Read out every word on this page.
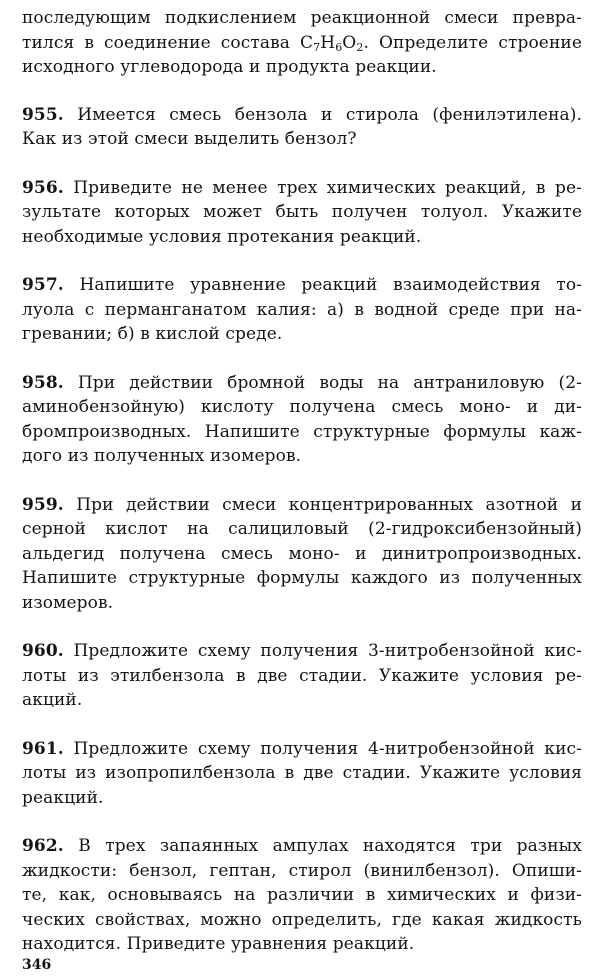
последующим подкислением реакционной смеси превра-
тился в соединение состава $C_7H_6O_2$. Определите строение
исходного углеводорода и продукта реакции.
955. Имеется смесь бензола и стирола (фенилэтилена).
Как из этой смеси выделить бензол?
956. Приведите не менее трех химических реакций, в ре-
зультате которых может быть получен толуол. Укажите
необходимые условия протекания реакций.
957. Напишите уравнение реакций взаимодействия то-
луола с перманганатом калия: а) в водной среде при на-
гревании; б) в кислой среде.
958. При действии бромной воды на антраниловую (2-
аминобензойную) кислоту получена смесь моно- и ди-
бромпроизводных. Напишите структурные формулы каж-
дого из полученных изомеров.
959. При действии смеси концентрированных азотной и
серной кислот на салициловый (2-гидроксибензойный)
альдегид получена смесь моно- и динитропроизводных.
Напишите структурные формулы каждого из полученных
изомеров.
960. Предложите схему получения 3-нитробензойной кис-
лоты из этилбензола в две стадии. Укажите условия ре-
акций.
961. Предложите схему получения 4-нитробензойной кис-
лоты из изопропилбензола в две стадии. Укажите условия
реакций.
962. В трех запаянных ампулах находятся три разных
жидкости: бензол, гептан, стирол (винилбензол). Опиши-
те, как, основываясь на различии в химических и физи-
ческих свойствах, можно определить, где какая жидкость
находится. Приведите уравнения реакций.
346
